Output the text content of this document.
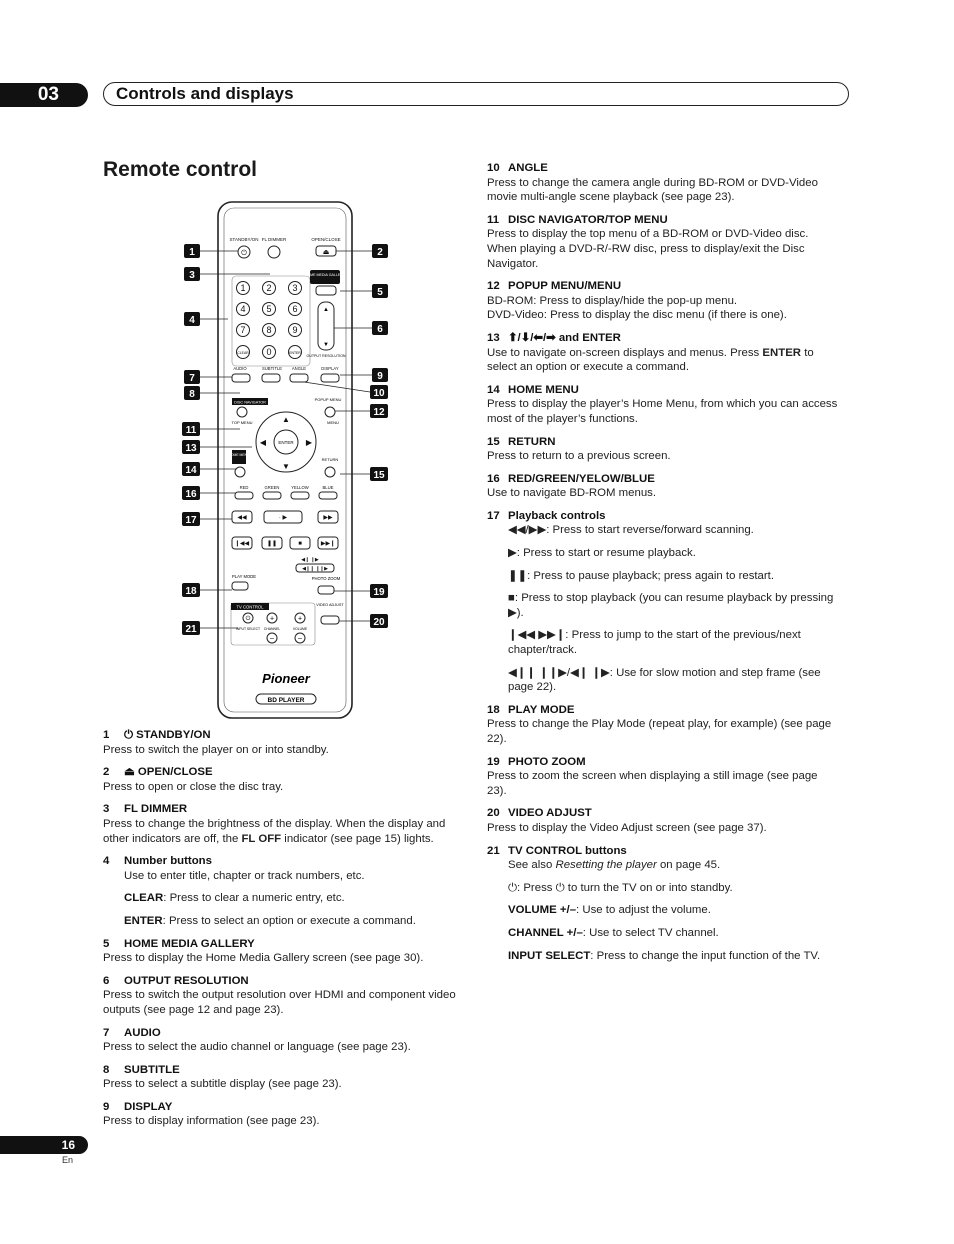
03	Controls and displays
Remote control
1
3
4
7
8
11
13
14
16
17
18
21
2
5
6
9
10
12
15
19
20
STANDBY/ON FL DIMMER	OPEN/CLOSE
⏻	⏏
1 2 3
4 5 6
7 8 9
0
CLEAR	ENTER
HOME MEDIA GALLERY
▲
▼
OUTPUT RESOLUTION
AUDIO	SUBTITLE ANGLE	DISPLAY
DISC NAVIGATOR
TOP MENU
POPUP MENU
MENU
ENTER
▲
▼
◀	▶
HOME MENU
RETURN
RED	GREEN	YELLOW	BLUE
◀◀	· ▶	▶▶
❙◀◀	❚❚	■	▶▶❙
◀❙ ❙▶
◀❙❙ ❙❙▶
PLAY MODE	PHOTO ZOOM
TV CONTROL
⏻
INPUT SELECT
+
CHANNEL
–
+
VOLUME
–
VIDEO ADJUST
Pioneer
BD PLAYER
1 ⏻ STANDBY/ON
Press to switch the player on or into standby.
2 ⏏ OPEN/CLOSE
Press to open or close the disc tray.
3 FL DIMMER
Press to change the brightness of the display. When the display and other indicators are off, the FL OFF indicator (see page 15) lights.
4 Number buttons
Use to enter title, chapter or track numbers, etc.
CLEAR: Press to clear a numeric entry, etc.
ENTER: Press to select an option or execute a command.
5 HOME MEDIA GALLERY
Press to display the Home Media Gallery screen (see page 30).
6 OUTPUT RESOLUTION
Press to switch the output resolution over HDMI and component video outputs (see page 12 and page 23).
7 AUDIO
Press to select the audio channel or language (see page 23).
8 SUBTITLE
Press to select a subtitle display (see page 23).
9 DISPLAY
Press to display information (see page 23).
10 ANGLE
Press to change the camera angle during BD-ROM or DVD-Video movie multi-angle scene playback (see page 23).
11 DISC NAVIGATOR/TOP MENU
Press to display the top menu of a BD-ROM or DVD-Video disc. When playing a DVD-R/-RW disc, press to display/exit the Disc Navigator.
12 POPUP MENU/MENU
BD-ROM: Press to display/hide the pop-up menu.
DVD-Video: Press to display the disc menu (if there is one).
13 ⬆/⬇/⬅/➡ and ENTER
Use to navigate on-screen displays and menus. Press ENTER to select an option or execute a command.
14 HOME MENU
Press to display the player’s Home Menu, from which you can access most of the player’s functions.
15 RETURN
Press to return to a previous screen.
16 RED/GREEN/YELOW/BLUE
Use to navigate BD-ROM menus.
17 Playback controls
◀◀/▶▶: Press to start reverse/forward scanning.
▶: Press to start or resume playback.
❚❚: Press to pause playback; press again to restart.
■: Press to stop playback (you can resume playback by pressing ▶).
❙◀◀ ▶▶❙: Press to jump to the start of the previous/next chapter/track.
◀❙❙ ❙❙▶/◀❙ ❙▶: Use for slow motion and step frame (see page 22).
18 PLAY MODE
Press to change the Play Mode (repeat play, for example) (see page 22).
19 PHOTO ZOOM
Press to zoom the screen when displaying a still image (see page 23).
20 VIDEO ADJUST
Press to display the Video Adjust screen (see page 37).
21 TV CONTROL buttons
See also Resetting the player on page 45.
⏻: Press ⏻ to turn the TV on or into standby.
VOLUME +/–: Use to adjust the volume.
CHANNEL +/–: Use to select TV channel.
INPUT SELECT: Press to change the input function of the TV.
16
En
